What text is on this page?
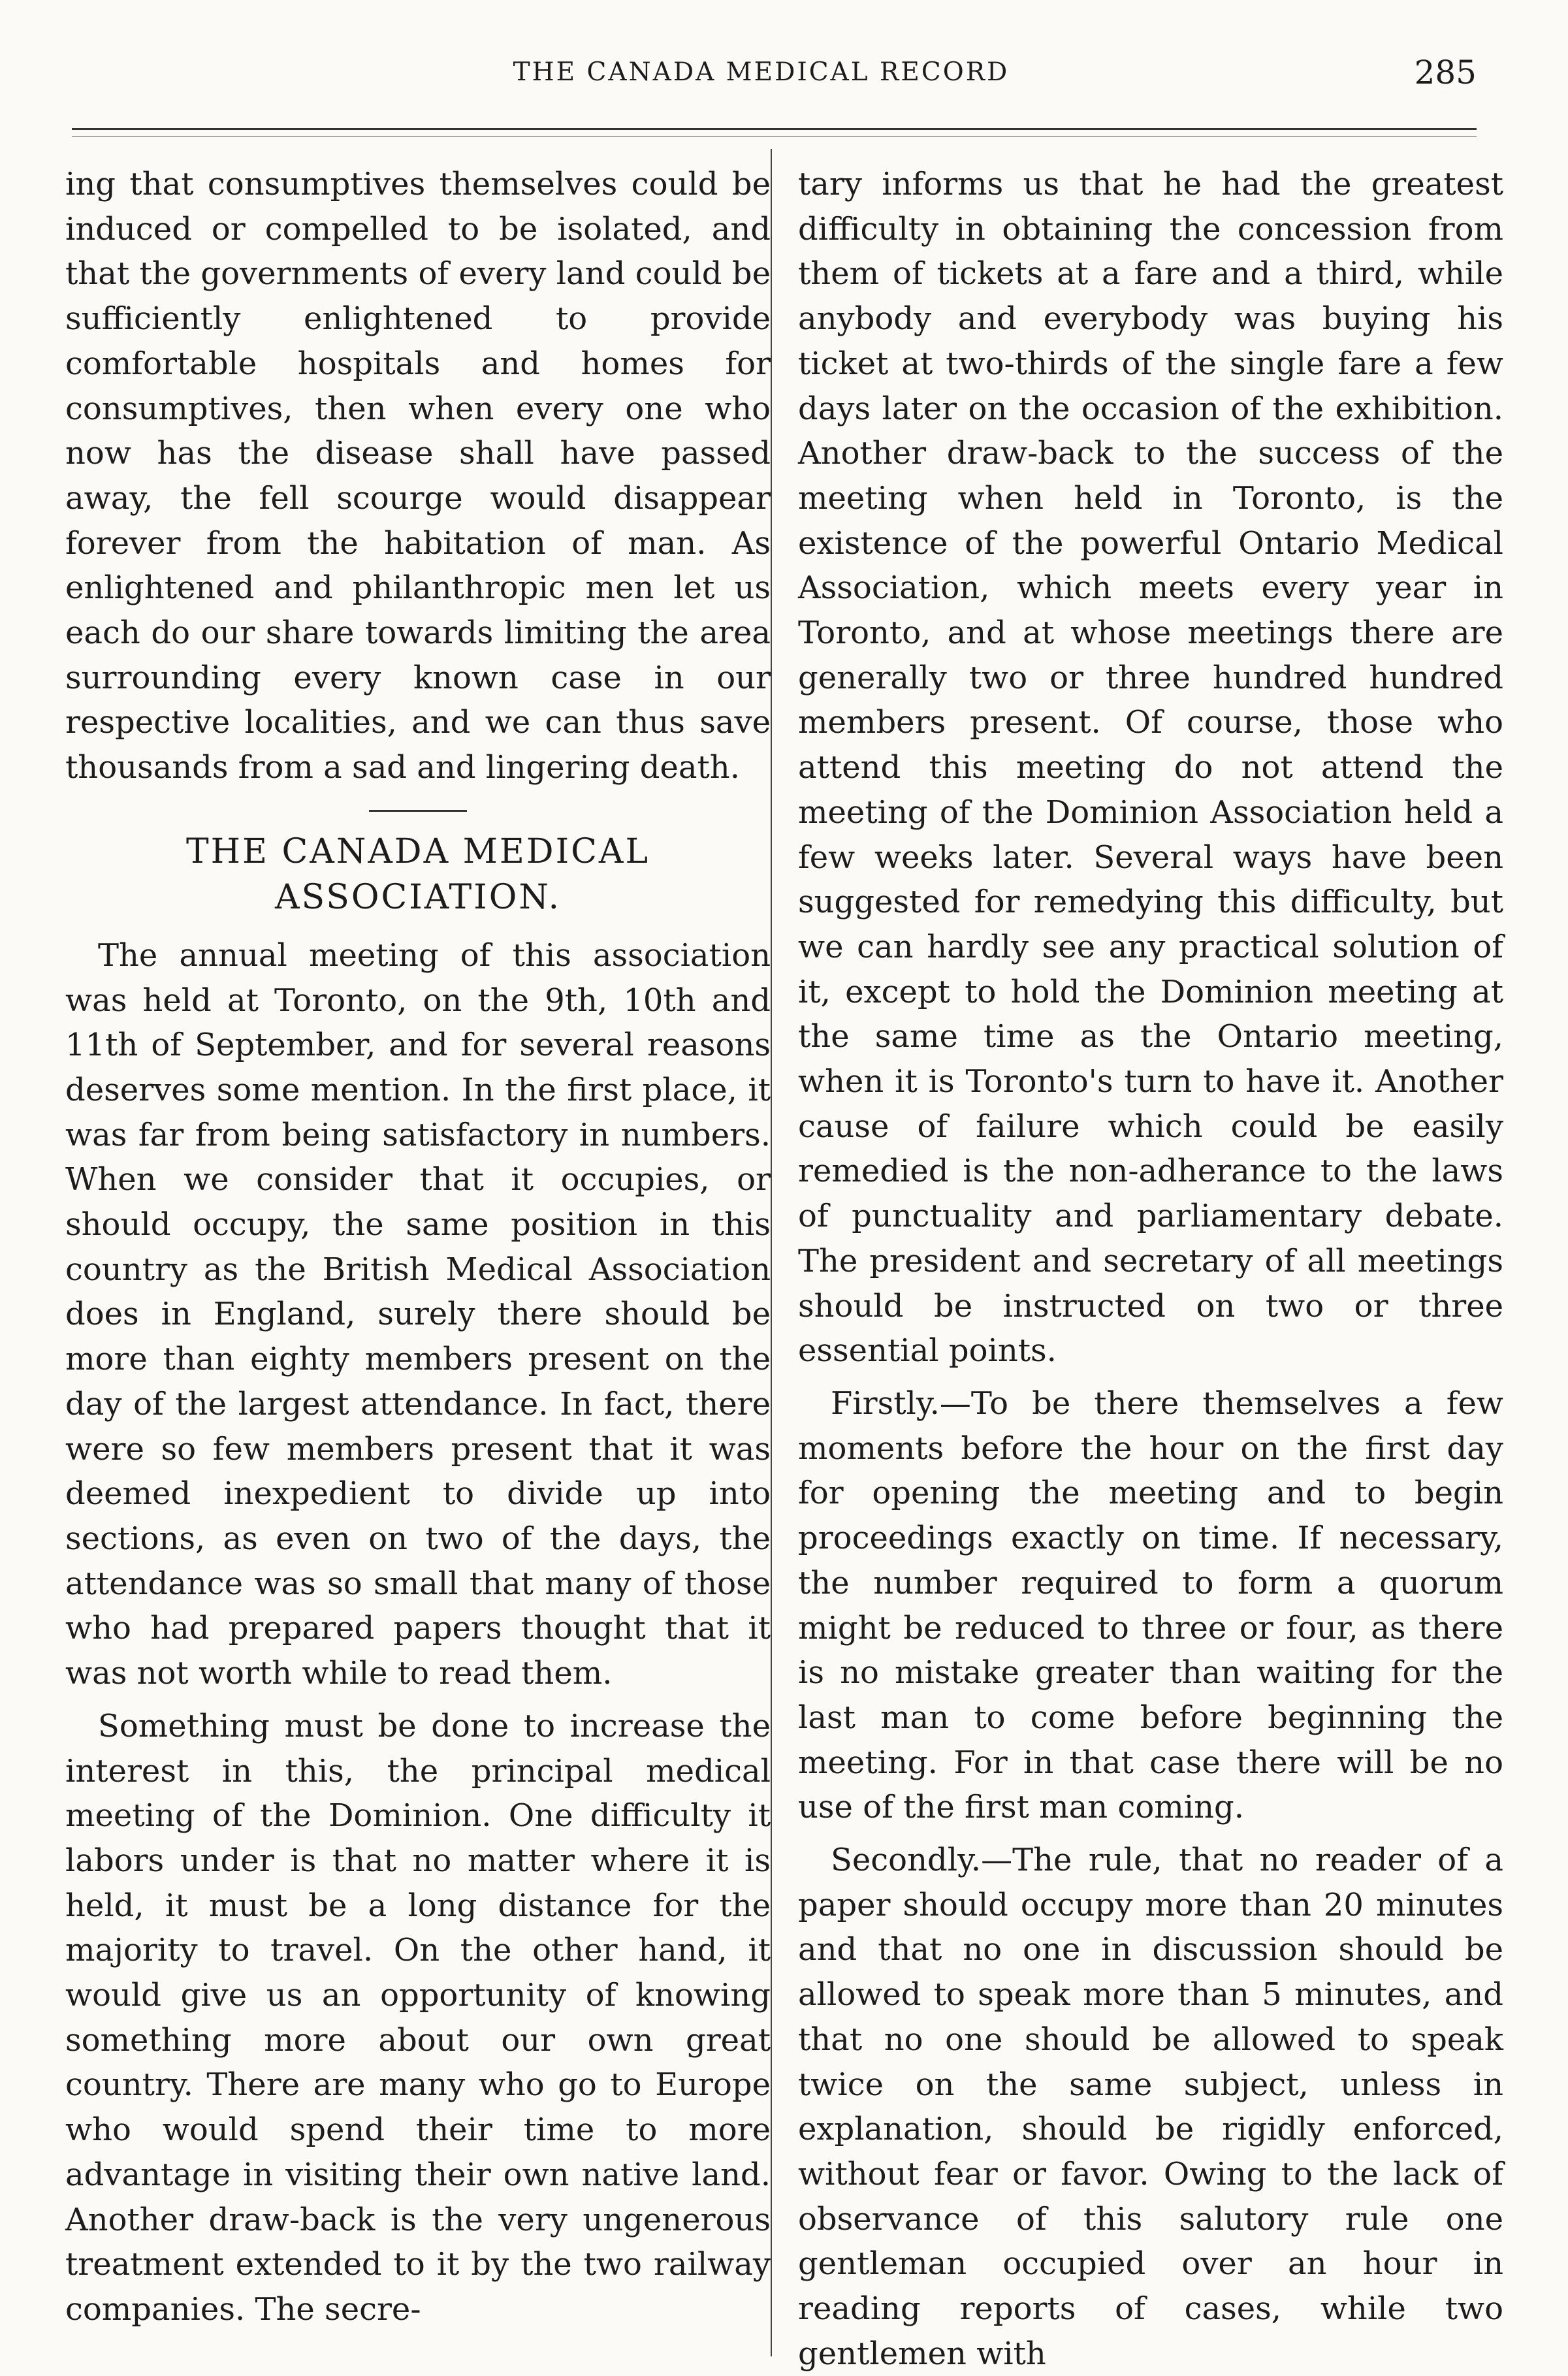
THE CANADA MEDICAL RECORD	285

ing that consumptives themselves could be induced or compelled to be isolated, and that the governments of every land could be sufficiently enlightened to provide comfortable hospitals and homes for consumptives, then when every one who now has the disease shall have passed away, the fell scourge would disappear forever from the habitation of man. As enlightened and philanthropic men let us each do our share towards limiting the area surrounding every known case in our respective localities, and we can thus save thousands from a sad and lingering death.

THE CANADA MEDICAL ASSOCIATION.

The annual meeting of this association was held at Toronto, on the 9th, 10th and 11th of September, and for several reasons deserves some mention. In the first place, it was far from being satisfactory in numbers. When we consider that it occupies, or should occupy, the same position in this country as the British Medical Association does in England, surely there should be more than eighty members present on the day of the largest attendance. In fact, there were so few members present that it was deemed inexpedient to divide up into sections, as even on two of the days, the attendance was so small that many of those who had prepared papers thought that it was not worth while to read them.

Something must be done to increase the interest in this, the principal medical meeting of the Dominion. One difficulty it labors under is that no matter where it is held, it must be a long distance for the majority to travel. On the other hand, it would give us an opportunity of knowing something more about our own great country. There are many who go to Europe who would spend their time to more advantage in visiting their own native land. Another draw-back is the very ungenerous treatment extended to it by the two railway companies. The secre-

tary informs us that he had the greatest difficulty in obtaining the concession from them of tickets at a fare and a third, while anybody and everybody was buying his ticket at two-thirds of the single fare a few days later on the occasion of the exhibition. Another draw-back to the success of the meeting when held in Toronto, is the existence of the powerful Ontario Medical Association, which meets every year in Toronto, and at whose meetings there are generally two or three hundred hundred members present. Of course, those who attend this meeting do not attend the meeting of the Dominion Association held a few weeks later. Several ways have been suggested for remedying this difficulty, but we can hardly see any practical solution of it, except to hold the Dominion meeting at the same time as the Ontario meeting, when it is Toronto's turn to have it. Another cause of failure which could be easily remedied is the non-adherance to the laws of punctuality and parliamentary debate. The president and secretary of all meetings should be instructed on two or three essential points.

Firstly.—To be there themselves a few moments before the hour on the first day for opening the meeting and to begin proceedings exactly on time. If necessary, the number required to form a quorum might be reduced to three or four, as there is no mistake greater than waiting for the last man to come before beginning the meeting. For in that case there will be no use of the first man coming.

Secondly.—The rule, that no reader of a paper should occupy more than 20 minutes and that no one in discussion should be allowed to speak more than 5 minutes, and that no one should be allowed to speak twice on the same subject, unless in explanation, should be rigidly enforced, without fear or favor. Owing to the lack of observance of this salutory rule one gentleman occupied over an hour in reading reports of cases, while two gentlemen with
